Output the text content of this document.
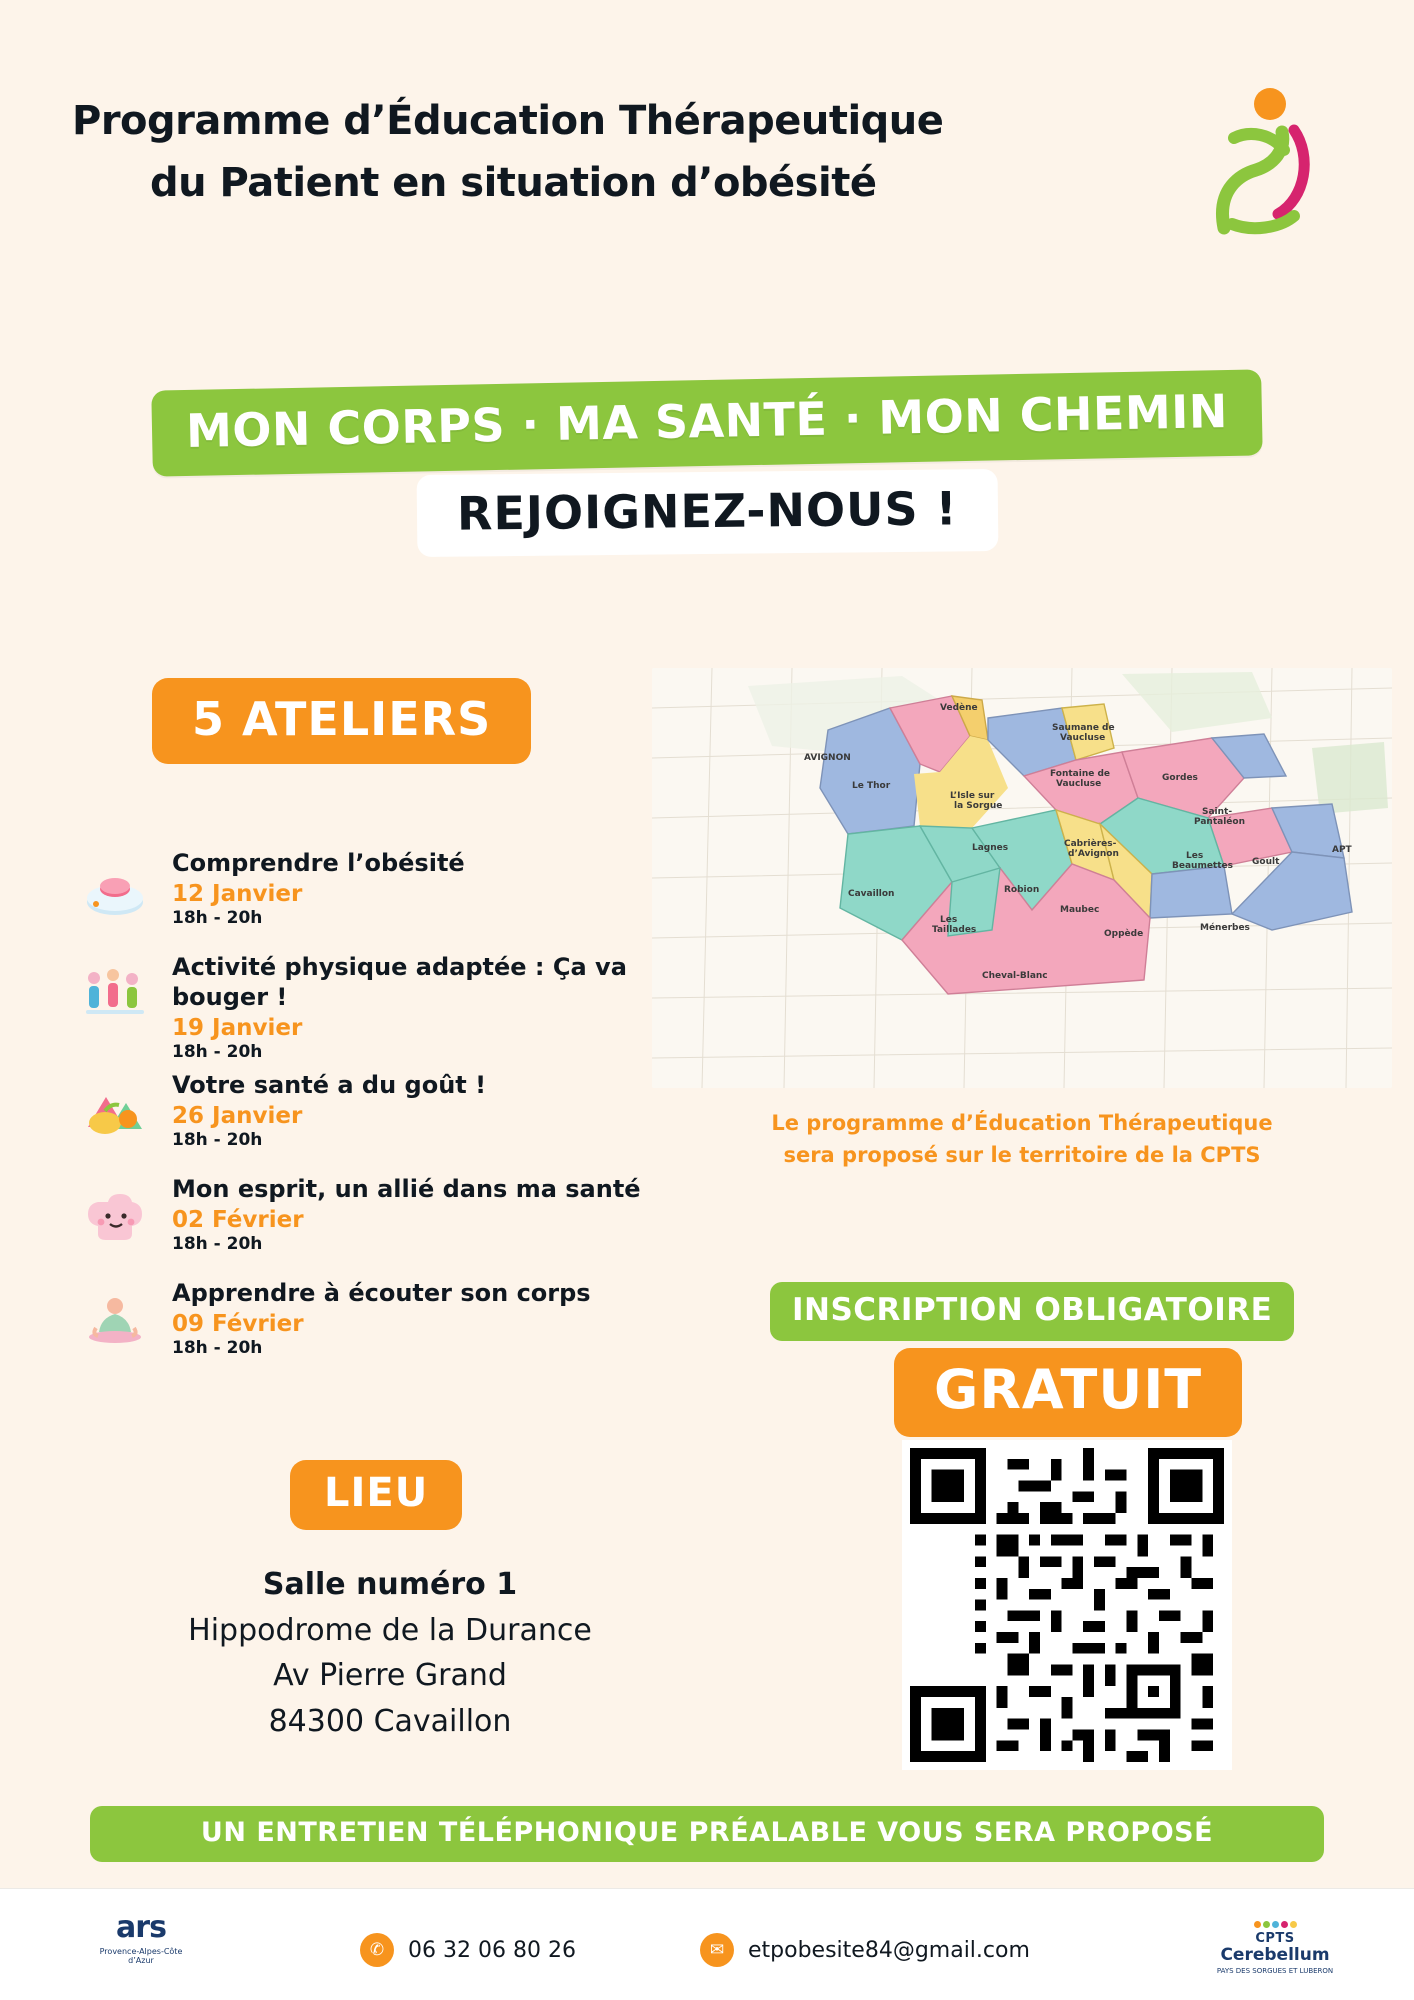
Programme d’Éducation Thérapeutique
du Patient en situation d’obésité
MON CORPS · MA SANTÉ · MON CHEMIN
REJOIGNEZ-NOUS !
5 ATELIERS
Comprendre l’obésité
12 Janvier
18h - 20h
Activité physique adaptée : Ça va bouger !
19 Janvier
18h - 20h
Votre santé a du goût !
26 Janvier
18h - 20h
Mon esprit, un allié dans ma santé
02 Février
18h - 20h
Apprendre à écouter son corps
09 Février
18h - 20h
LIEU
Salle numéro 1
Hippodrome de la Durance
Av Pierre Grand
84300 Cavaillon
AVIGNON
Vedène
Le Thor
Saumane de
Vaucluse
Fontaine de
Vaucluse
L’Isle sur
la Sorgue
Gordes
Saint-
Pantaléon
Lagnes	Cabrières-
d’Avignon	Les
Beaumettes Goult
APT
Cavaillon	Robion
Maubec
Oppède
Ménerbes
Les
Taillades
Cheval-Blanc
Le programme d’Éducation Thérapeutique
sera proposé sur le territoire de la CPTS
INSCRIPTION OBLIGATOIRE
GRATUIT
UN ENTRETIEN TÉLÉPHONIQUE PRÉALABLE VOUS SERA PROPOSÉ
ars
Provence-Alpes-Côte d’Azur
✆	06 32 06 80 26	✉	etpobesite84@gmail.com	CPTS
Cerebellum
PAYS DES SORGUES ET LUBERON
